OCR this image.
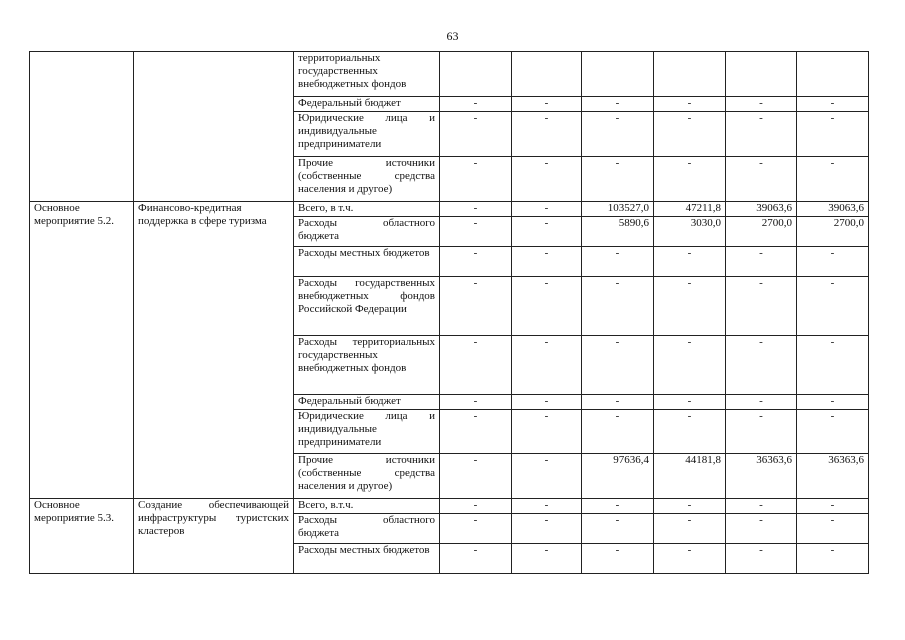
63
		территориальных государственных внебюджетных фондов						
		Федеральный бюджет	-	-	-	-	-	-
		Юридические лица и индивидуальные предприниматели	-	-	-	-	-	-
		Прочие источники (собственные средства населения и другое)	-	-	-	-	-	-
Основное мероприятие 5.2.	Финансово-кредитная поддержка в сфере туризма	Всего, в т.ч.	-	-	103527,0	47211,8	39063,6	39063,6
		Расходы областного бюджета	-	-	5890,6	3030,0	2700,0	2700,0
		Расходы местных бюджетов	-	-	-	-	-	-
		Расходы государственных внебюджетных фондов Российской Федерации	-	-	-	-	-	-
		Расходы территориальных государственных внебюджетных фондов	-	-	-	-	-	-
		Федеральный бюджет	-	-	-	-	-	-
		Юридические лица и индивидуальные предприниматели	-	-	-	-	-	-
		Прочие источники (собственные средства населения и другое)	-	-	97636,4	44181,8	36363,6	36363,6
Основное мероприятие 5.3.	Создание обеспечивающей инфраструктуры туристских кластеров	Всего, в.т.ч.	-	-	-	-	-	-
		Расходы областного бюджета	-	-	-	-	-	-
		Расходы местных бюджетов	-	-	-	-	-	-
